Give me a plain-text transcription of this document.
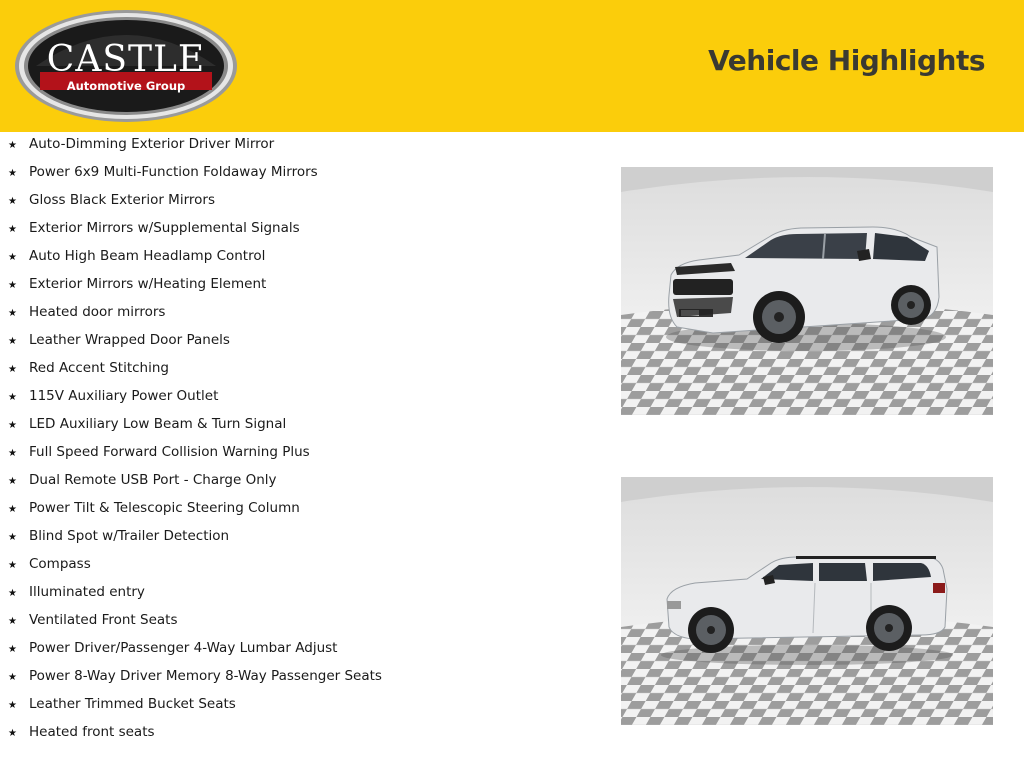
CASTLE
Automotive Group
Vehicle Highlights
★ Auto-Dimming Exterior Driver Mirror
★ Power 6x9 Multi-Function Foldaway Mirrors
★ Gloss Black Exterior Mirrors
★ Exterior Mirrors w/Supplemental Signals
★ Auto High Beam Headlamp Control
★ Exterior Mirrors w/Heating Element
★ Heated door mirrors
★ Leather Wrapped Door Panels
★ Red Accent Stitching
★ 115V Auxiliary Power Outlet
★ LED Auxiliary Low Beam & Turn Signal
★ Full Speed Forward Collision Warning Plus
★ Dual Remote USB Port - Charge Only
★ Power Tilt & Telescopic Steering Column
★ Blind Spot w/Trailer Detection
★ Compass
★ Illuminated entry
★ Ventilated Front Seats
★ Power Driver/Passenger 4-Way Lumbar Adjust
★ Power 8-Way Driver Memory 8-Way Passenger Seats
★ Leather Trimmed Bucket Seats
★ Heated front seats
